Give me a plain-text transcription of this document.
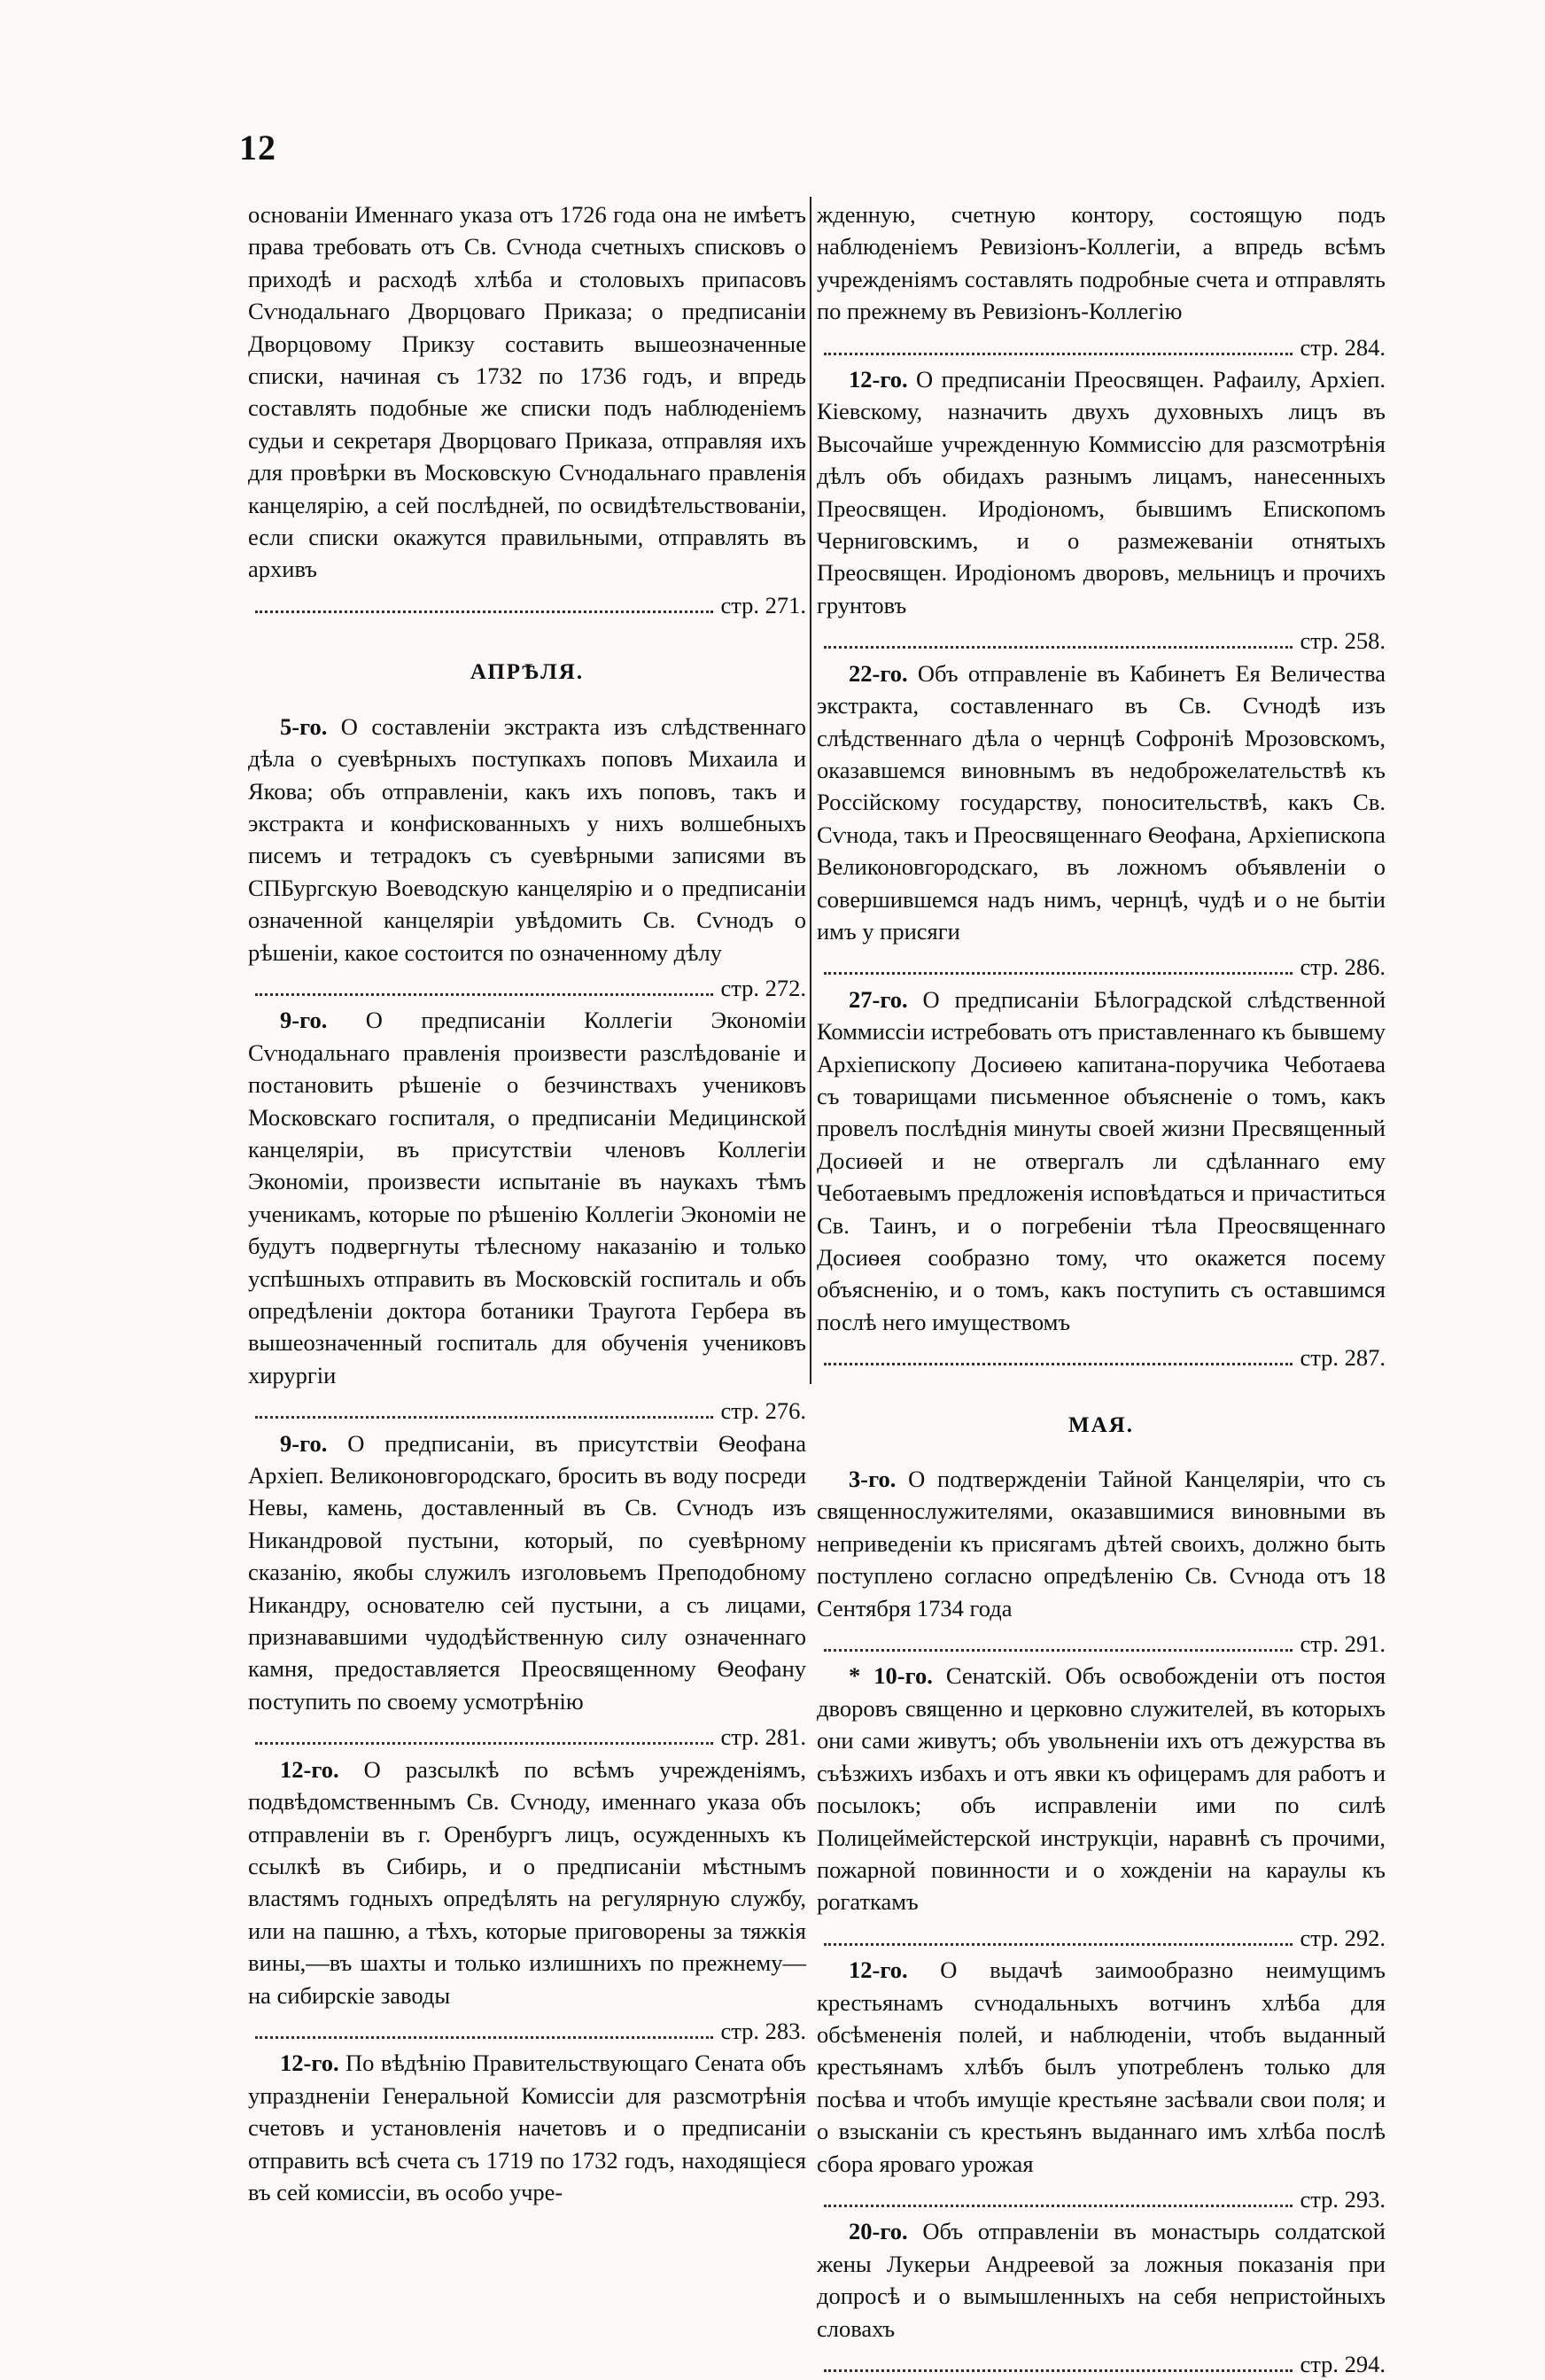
12
основаніи Именнаго указа отъ 1726 года она не имѣетъ права требовать отъ Св. Сѵнода счетныхъ списковъ о приходѣ и расходѣ хлѣба и столовыхъ припасовъ Сѵнодальнаго Дворцоваго Приказа; о предписаніи Дворцовому Прикзу составить вышеозначенные списки, начиная съ 1732 по 1736 годъ, и впредь составлять подобные же списки подъ наблюденіемъ судьи и секретаря Дворцоваго Приказа, отправляя ихъ для провѣрки въ Московскую Сѵнодальнаго правленія канцелярію, а сей послѣдней, по освидѣтельствованіи, если списки окажутся правильными, отправлять въ архивъ
стр. 271.
АПРѢЛЯ.
5-го. О составленіи экстракта изъ слѣдственнаго дѣла о суевѣрныхъ поступкахъ поповъ Михаила и Якова; объ отправленіи, какъ ихъ поповъ, такъ и экстракта и конфискованныхъ у нихъ волшебныхъ писемъ и тетрадокъ съ суевѣрными записями въ СПБургскую Воеводскую канцелярію и о предписаніи означенной канцеляріи увѣдомить Св. Сѵнодъ о рѣшеніи, какое состоится по означенному дѣлу
стр. 272.
9-го. О предписаніи Коллегіи Экономіи Сѵнодальнаго правленія произвести разслѣдованіе и постановить рѣшеніе о безчинствахъ учениковъ Московскаго госпиталя, о предписаніи Медицинской канцеляріи, въ присутствіи членовъ Коллегіи Экономіи, произвести испытаніе въ наукахъ тѣмъ ученикамъ, которые по рѣшенію Коллегіи Экономіи не будутъ подвергнуты тѣлесному наказанію и только успѣшныхъ отправить въ Московскій госпиталь и объ опредѣленіи доктора ботаники Траугота Гербера въ вышеозначенный госпиталь для обученія учениковъ хирургіи
стр. 276.
9-го. О предписаніи, въ присутствіи Ѳеофана Архіеп. Великоновгородскаго, бросить въ воду посреди Невы, камень, доставленный въ Св. Сѵнодъ изъ Никандровой пустыни, который, по суевѣрному сказанію, якобы служилъ изголовьемъ Преподобному Никандру, основателю сей пустыни, а съ лицами, признававшими чудодѣйственную силу означеннаго камня, предоставляется Преосвященному Ѳеофану поступить по своему усмотрѣнію
стр. 281.
12-го. О разсылкѣ по всѣмъ учрежденіямъ, подвѣдомственнымъ Св. Сѵноду, именнаго указа объ отправленіи въ г. Оренбургъ лицъ, осужденныхъ къ ссылкѣ въ Сибирь, и о предписаніи мѣстнымъ властямъ годныхъ опредѣлять на регулярную службу, или на пашню, а тѣхъ, которые приговорены за тяжкія вины,—въ шахты и только излишнихъ по прежнему—на сибирскіе заводы
стр. 283.
12-го. По вѣдѣнію Правительствующаго Сената объ упраздненіи Генеральной Комиссіи для разсмотрѣнія счетовъ и установленія начетовъ и о предписаніи отправить всѣ счета съ 1719 по 1732 годъ, находящіеся въ сей комиссіи, въ особо учре-
жденную, счетную контору, состоящую подъ наблюденіемъ Ревизіонъ-Коллегіи, а впредь всѣмъ учрежденіямъ составлять подробные счета и отправлять по прежнему въ Ревизіонъ-Коллегію
стр. 284.
12-го. О предписаніи Преосвящен. Рафаилу, Архіеп. Кіевскому, назначить двухъ духовныхъ лицъ въ Высочайше учрежденную Коммиссію для разсмотрѣнія дѣлъ объ обидахъ разнымъ лицамъ, нанесенныхъ Преосвящен. Иродіономъ, бывшимъ Епископомъ Черниговскимъ, и о размежеваніи отнятыхъ Преосвящен. Иродіономъ дворовъ, мельницъ и прочихъ грунтовъ
стр. 258.
22-го. Объ отправленіе въ Кабинетъ Ея Величества экстракта, составленнаго въ Св. Сѵнодѣ изъ слѣдственнаго дѣла о чернцѣ Софроніѣ Мрозовскомъ, оказавшемся виновнымъ въ недоброжелательствѣ къ Россійскому государству, поносительствѣ, какъ Св. Сѵнода, такъ и Преосвященнаго Ѳеофана, Архіепископа Великоновгородскаго, въ ложномъ объявленіи о совершившемся надъ нимъ, чернцѣ, чудѣ и о не бытіи имъ у присяги
стр. 286.
27-го. О предписаніи Бѣлоградской слѣдственной Коммиссіи истребовать отъ приставленнаго къ бывшему Архіепископу Досиѳею капитана-поручика Чеботаева съ товарищами письменное объясненіе о томъ, какъ провелъ послѣднія минуты своей жизни Пресвященный Досиѳей и не отвергалъ ли сдѣланнаго ему Чеботаевымъ предложенія исповѣдаться и причаститься Св. Таинъ, и о погребеніи тѣла Преосвященнаго Досиѳея сообразно тому, что окажется посему объясненію, и о томъ, какъ поступить съ оставшимся послѣ него имуществомъ
стр. 287.
МАЯ.
3-го. О подтвержденіи Тайной Канцеляріи, что съ священнослужителями, оказавшимися виновными въ неприведеніи къ присягамъ дѣтей своихъ, должно быть поступлено согласно опредѣленію Св. Сѵнода отъ 18 Сентября 1734 года
стр. 291.
* 10-го. Сенатскій. Объ освобожденіи отъ постоя дворовъ священно и церковно служителей, въ которыхъ они сами живутъ; объ увольненіи ихъ отъ дежурства въ съѣзжихъ избахъ и отъ явки къ офицерамъ для работъ и посылокъ; объ исправленіи ими по силѣ Полицеймейстерской инструкціи, наравнѣ съ прочими, пожарной повинности и о хожденіи на караулы къ рогаткамъ
стр. 292.
12-го. О выдачѣ заимообразно неимущимъ крестьянамъ сѵнодальныхъ вотчинъ хлѣба для обсѣмененія полей, и наблюденіи, чтобъ выданный крестьянамъ хлѣбъ былъ употребленъ только для посѣва и чтобъ имущіе крестьяне засѣвали свои поля; и о взысканіи съ крестьянъ выданнаго имъ хлѣба послѣ сбора яроваго урожая
стр. 293.
20-го. Объ отправленіи въ монастырь солдатской жены Лукерьи Андреевой за ложныя показанія при допросѣ и о вымышленныхъ на себя непристойныхъ словахъ
стр. 294.
